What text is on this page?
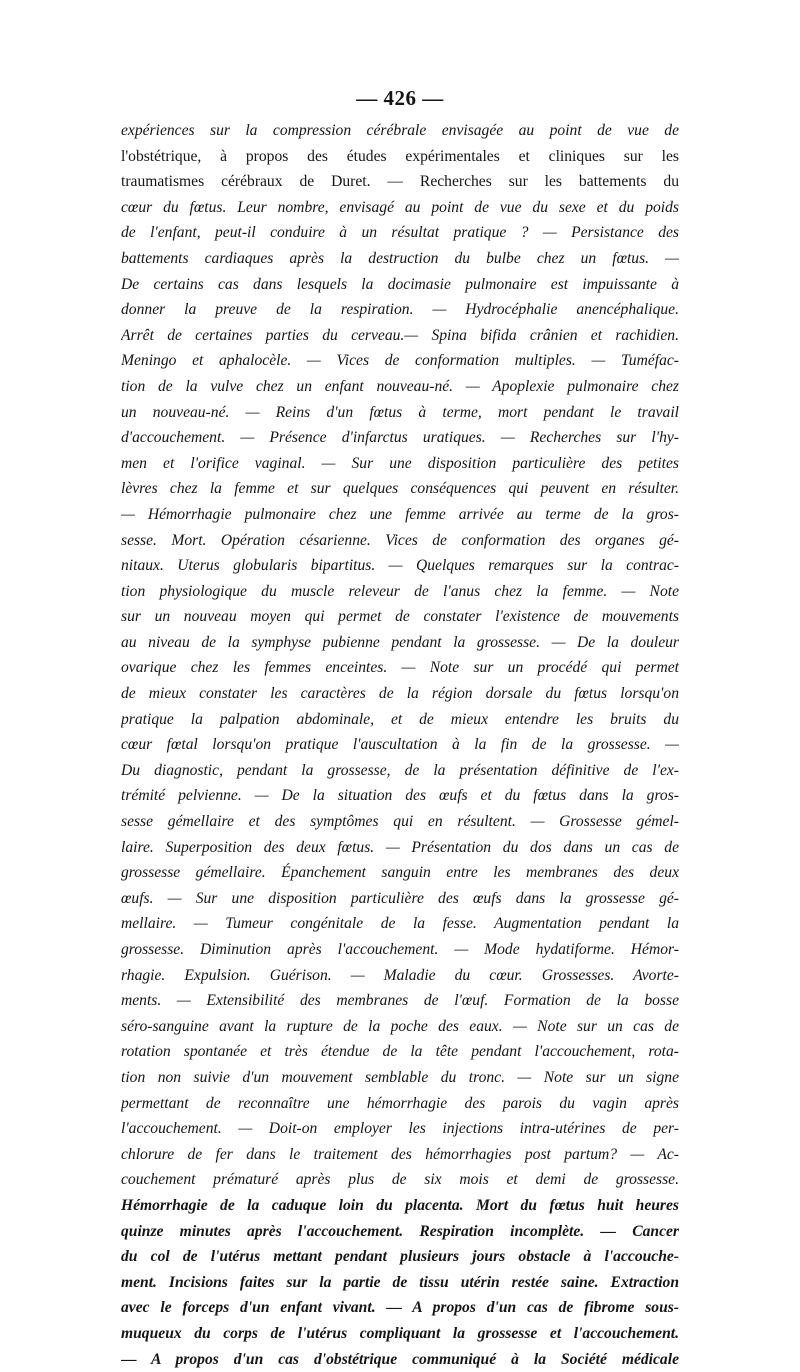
— 426 —
expériences sur la compression cérébrale envisagée au point de vue de
l'obstétrique, à propos des études expérimentales et cliniques sur les
traumatismes cérébraux de Duret. — Recherches sur les battements du
cœur du fœtus. Leur nombre, envisagé au point de vue du sexe et du poids
de l'enfant, peut-il conduire à un résultat pratique ? — Persistance des
battements cardiaques après la destruction du bulbe chez un fœtus. —
De certains cas dans lesquels la docimasie pulmonaire est impuissante à
donner la preuve de la respiration. — Hydrocéphalie anencéphalique.
Arrêt de certaines parties du cerveau.— Spina bifida crânien et rachidien.
Meningo et aphalocèle. — Vices de conformation multiples. — Tuméfac-
tion de la vulve chez un enfant nouveau-né. — Apoplexie pulmonaire chez
un nouveau-né. — Reins d'un fœtus à terme, mort pendant le travail
d'accouchement. — Présence d'infarctus uratiques. — Recherches sur l'hy-
men et l'orifice vaginal. — Sur une disposition particulière des petites
lèvres chez la femme et sur quelques conséquences qui peuvent en résulter.
— Hémorrhagie pulmonaire chez une femme arrivée au terme de la gros-
sesse. Mort. Opération césarienne. Vices de conformation des organes gé-
nitaux. Uterus globularis bipartitus. — Quelques remarques sur la contrac-
tion physiologique du muscle releveur de l'anus chez la femme. — Note
sur un nouveau moyen qui permet de constater l'existence de mouvements
au niveau de la symphyse pubienne pendant la grossesse. — De la douleur
ovarique chez les femmes enceintes. — Note sur un procédé qui permet
de mieux constater les caractères de la région dorsale du fœtus lorsqu'on
pratique la palpation abdominale, et de mieux entendre les bruits du
cœur fœtal lorsqu'on pratique l'auscultation à la fin de la grossesse. —
Du diagnostic, pendant la grossesse, de la présentation définitive de l'ex-
trémité pelvienne. — De la situation des œufs et du fœtus dans la gros-
sesse gémellaire et des symptômes qui en résultent. — Grossesse gémel-
laire. Superposition des deux fœtus. — Présentation du dos dans un cas de
grossesse gémellaire. Épanchement sanguin entre les membranes des deux
œufs. — Sur une disposition particulière des œufs dans la grossesse gé-
mellaire. — Tumeur congénitale de la fesse. Augmentation pendant la
grossesse. Diminution après l'accouchement. — Mode hydatiforme. Hémor-
rhagie. Expulsion. Guérison. — Maladie du cœur. Grossesses. Avorte-
ments. — Extensibilité des membranes de l'œuf. Formation de la bosse
séro-sanguine avant la rupture de la poche des eaux. — Note sur un cas de
rotation spontanée et très étendue de la tête pendant l'accouchement, rota-
tion non suivie d'un mouvement semblable du tronc. — Note sur un signe
permettant de reconnaître une hémorrhagie des parois du vagin après
l'accouchement. — Doit-on employer les injections intra-utérines de per-
chlorure de fer dans le traitement des hémorrhagies post partum? — Ac-
couchement prématuré après plus de six mois et demi de grossesse.
Hémorrhagie de la caduque loin du placenta. Mort du fœtus huit heures
quinze minutes après l'accouchement. Respiration incomplète. — Cancer
du col de l'utérus mettant pendant plusieurs jours obstacle à l'accouche-
ment. Incisions faites sur la partie de tissu utérin restée saine. Extraction
avec le forceps d'un enfant vivant. — A propos d'un cas de fibrome sous-
muqueux du corps de l'utérus compliquant la grossesse et l'accouchement.
— A propos d'un cas d'obstétrique communiqué à la Société médicale
